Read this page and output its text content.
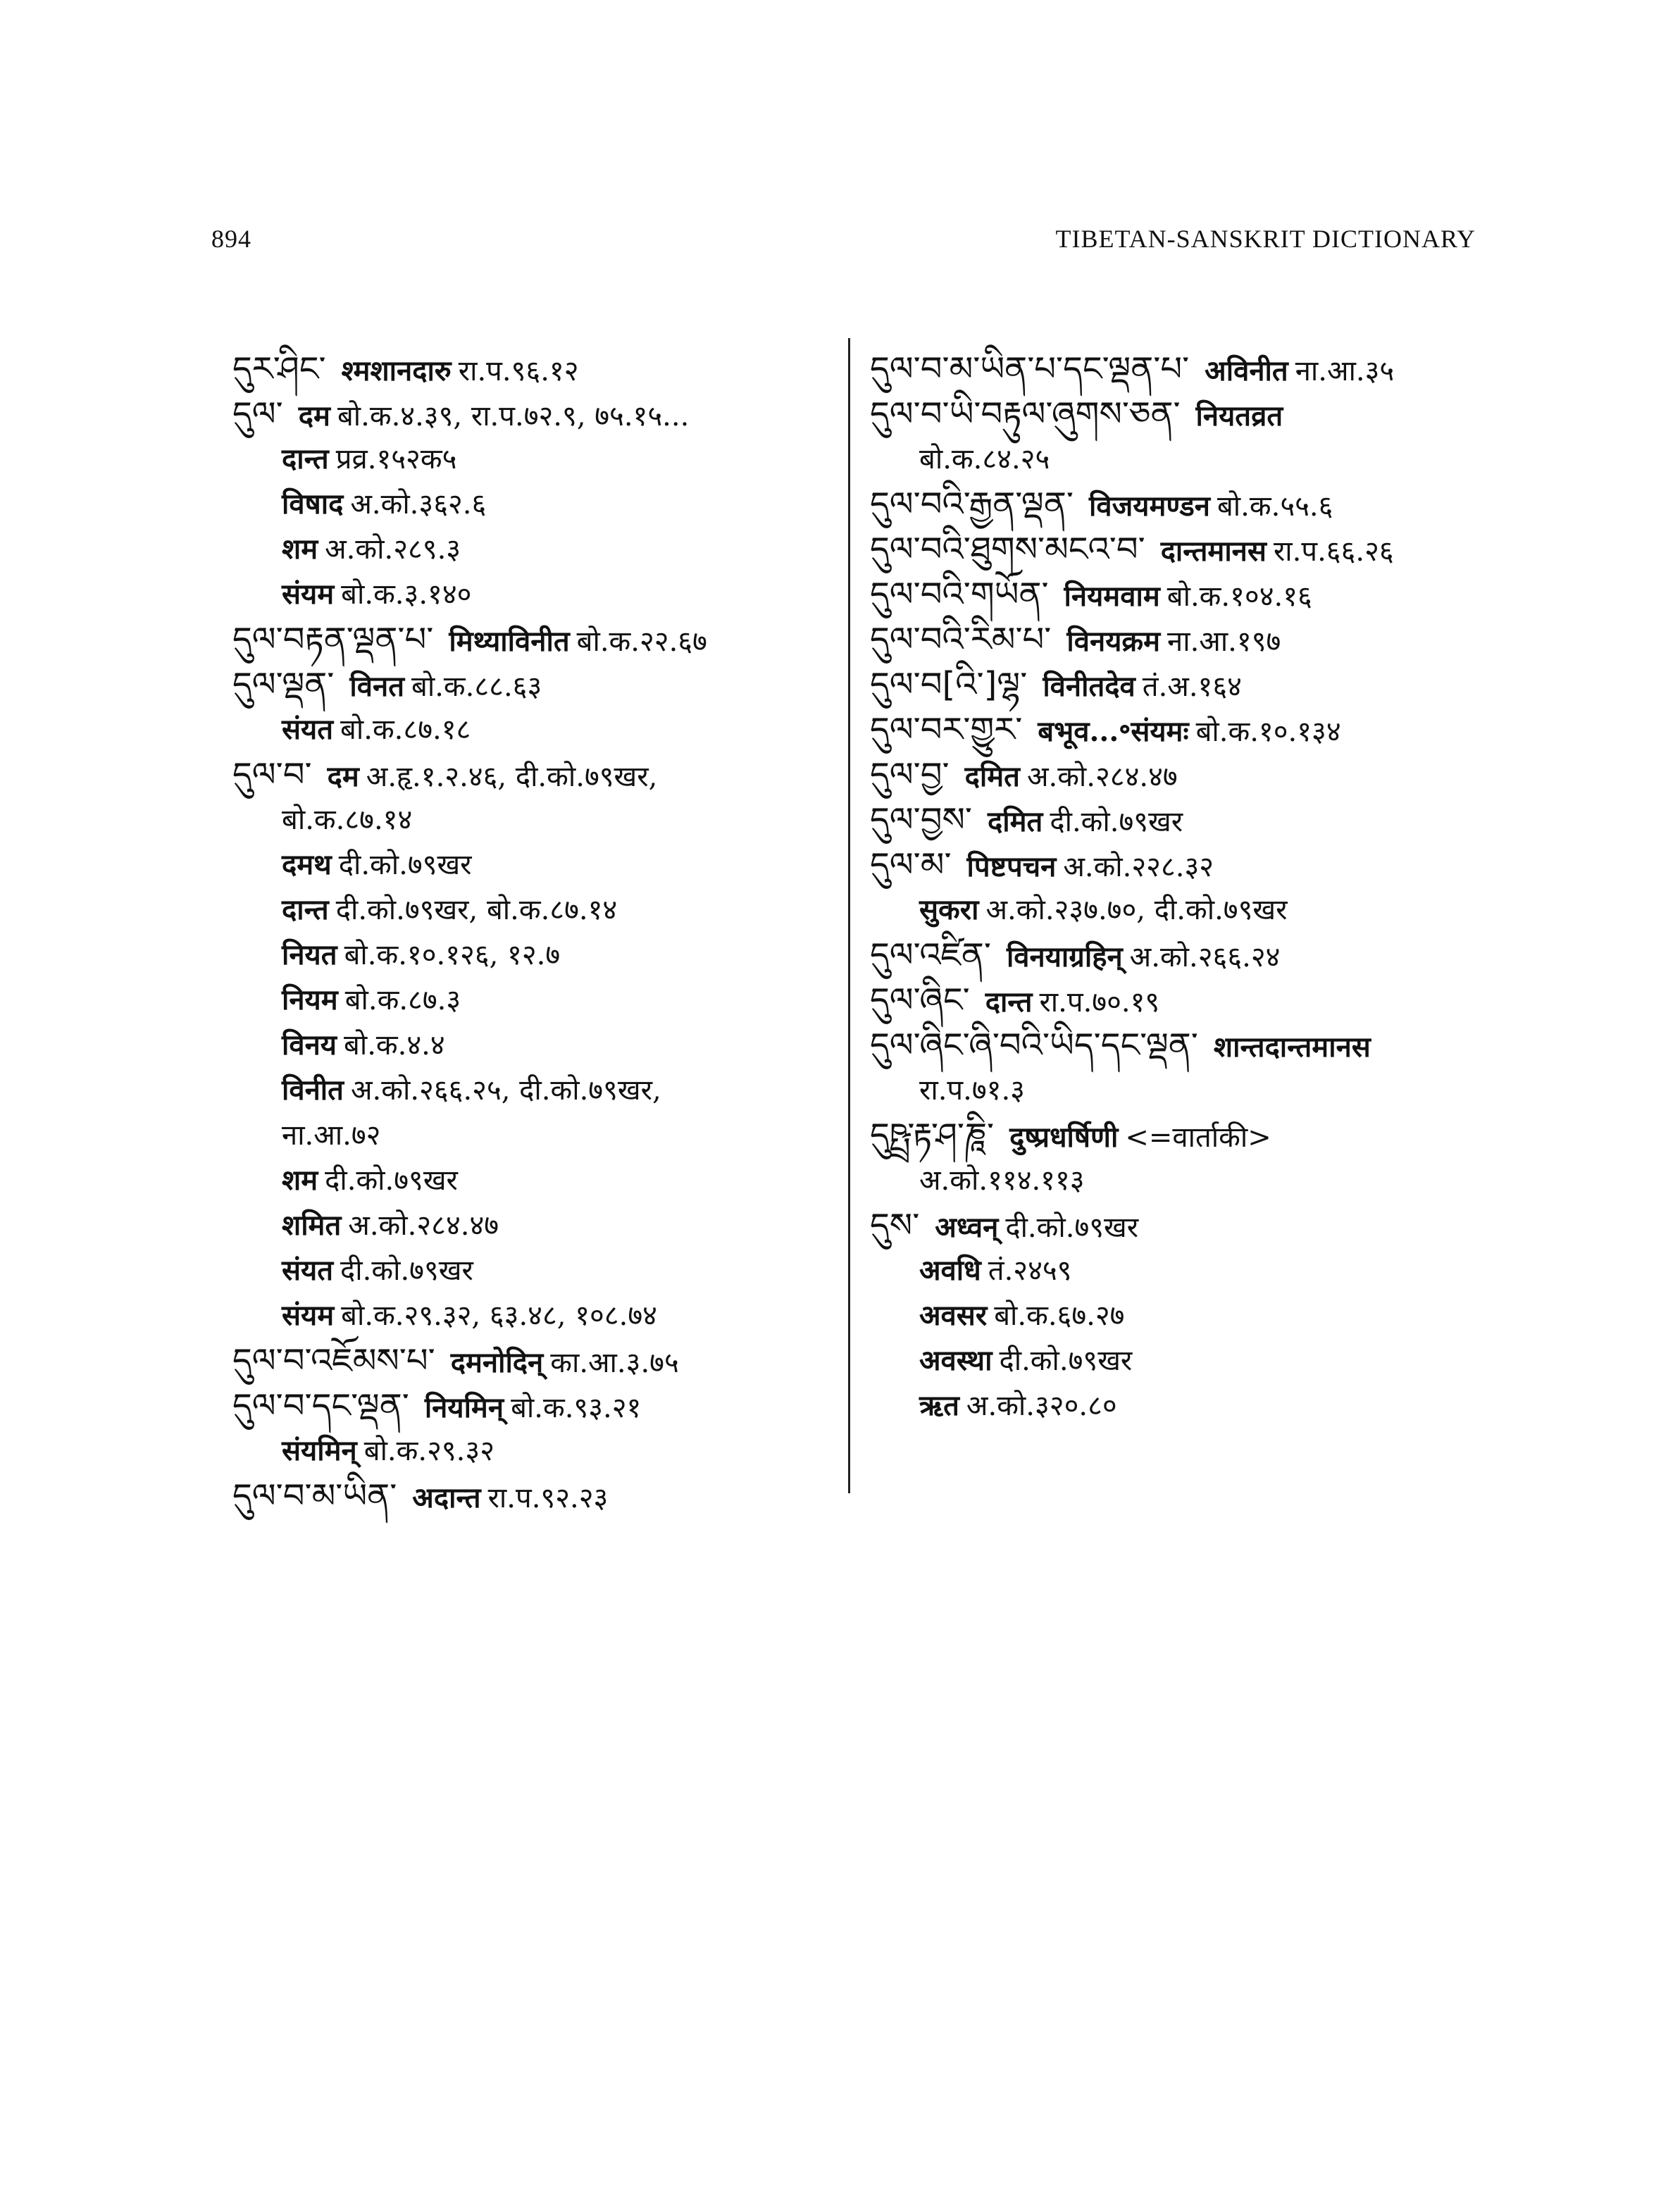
894	TIBETAN-SANSKRIT DICTIONARY
དུར་ཤིང་ श्मशानदारु रा.प.९६.१२
དུལ་ दम बो.क.४.३९, रा.प.७२.९, ७५.१५...
दान्त प्रव्र.१५२क५
विषाद अ.को.३६२.६
शम अ.को.२८९.३
संयम बो.क.३.१४०
དུལ་བརྟན་ལྡན་པ་ मिथ्याविनीत बो.क.२२.६७
དུལ་ལྡན་ विनत बो.क.८८.६३
संयत बो.क.८७.१८
དུལ་བ་ दम अ.हृ.१.२.४६, दी.को.७९खर,
बो.क.८७.१४
दमथ दी.को.७९खर
दान्त दी.को.७९खर, बो.क.८७.१४
नियत बो.क.१०.१२६, १२.७
नियम बो.क.८७.३
विनय बो.क.४.४
विनीत अ.को.२६६.२५, दी.को.७९खर,
ना.आ.७२
शम दी.को.७९खर
शमित अ.को.२८४.४७
संयत दी.को.७९खर
संयम बो.क.२९.३२, ६३.४८, १०८.७४
དུལ་བ་འཇོམས་པ་ दमनोदिन् का.आ.३.७५
དུལ་བ་དང་ལྡན་ नियमिन् बो.क.९३.२१
संयमिन् बो.क.२९.३२
དུལ་བ་མ་ཡིན་ अदान्त रा.प.९२.२३
དུལ་བ་མ་ཡིན་པ་དང་ལྡན་པ་ अविनीत ना.आ.३५
དུལ་བ་ཡི་བརྟུལ་ཞུགས་ཅན་ नियतव्रत
बो.क.८४.२५
དུལ་བའི་རྒྱན་ལྡན་ विजयमण्डन बो.क.५५.६
དུལ་བའི་ཐུགས་མངའ་བ་ दान्तमानस रा.प.६६.२६
དུལ་བའི་གཡོན་ नियमवाम बो.क.१०४.१६
དུལ་བའི་རིམ་པ་ विनयक्रम ना.आ.१९७
དུལ་བ[འི་]ལྷ་ विनीतदेव तं.अ.१६४
དུལ་བར་གྱུར་ बभूव...॰संयमः बो.क.१०.१३४
དུལ་བྱ་ दमित अ.को.२८४.४७
དུལ་བྱས་ दमित दी.को.७९खर
དུལ་མ་ पिष्टपचन अ.को.२२८.३२
सुकरा अ.को.२३७.७०, दी.को.७९खर
དུལ་འཛིན་ विनयाग्रहिन् अ.को.२६६.२४
དུལ་ཞིང་ दान्त रा.प.७०.१९
དུལ་ཞིང་ཞི་བའི་ཡིད་དང་ལྡན་ शान्तदान्तमानस
रा.प.७१.३
དུཥྤྲ་རྟ་ཤ་ཎཱི་ दुष्प्रधर्षिणी <=वार्ताकी>
अ.को.११४.११३
དུས་ अध्वन् दी.को.७९खर
अवधि तं.२४५९
अवसर बो.क.६७.२७
अवस्था दी.को.७९खर
ऋत अ.को.३२०.८०
